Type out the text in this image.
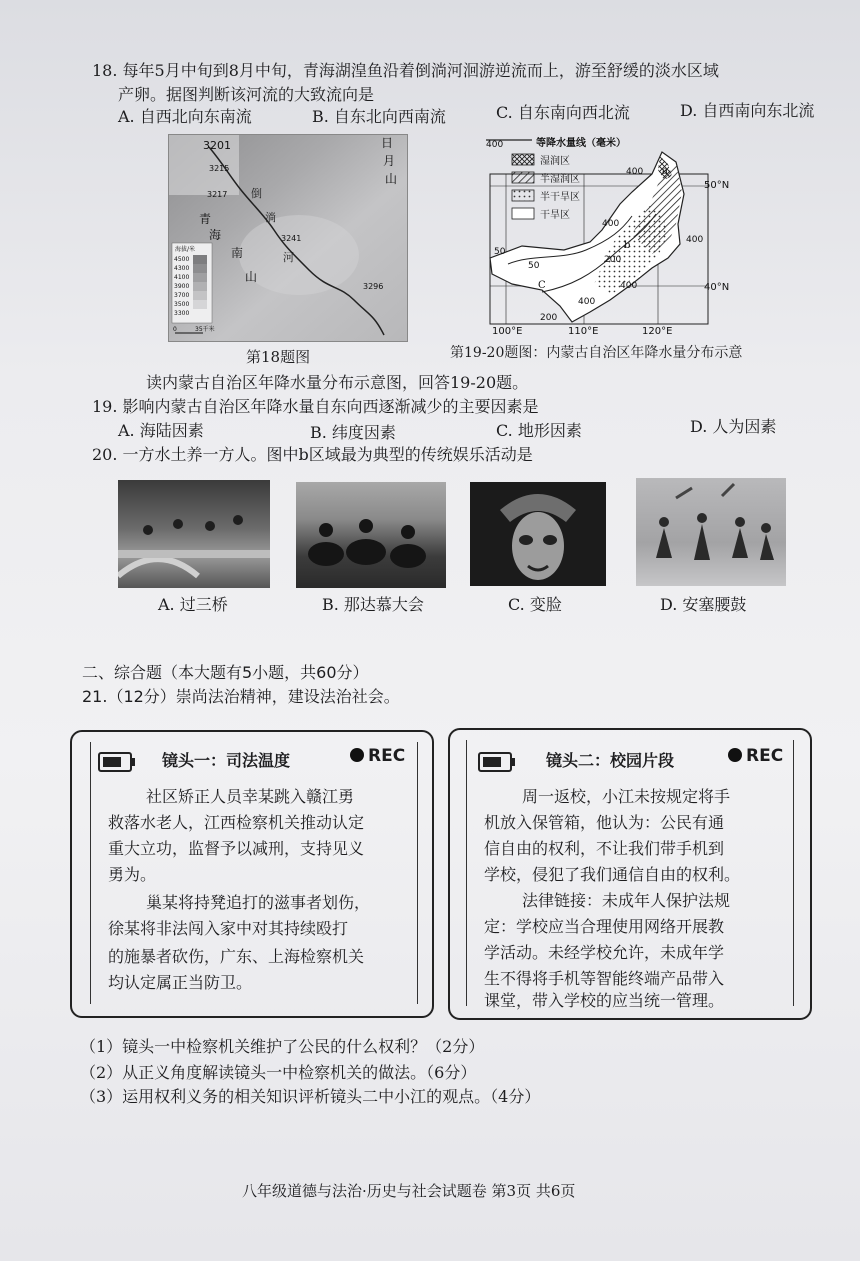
18. 每年5月中旬到8月中旬，青海湖湟鱼沿着倒淌河洄游逆流而上，游至舒缓的淡水区域
产卵。据图判断该河流的大致流向是
A. 自西北向东南流	B. 自东北向西南流	C. 自东南向西北流	D. 自西南向东北流
3201
3215
3217
3241
3296
日
月
山
倒
淌
河
青
海
南
山
海拔/米
4500
4300
4100
3900
3700
3500
3300
0	35千米
第18题图
400	等降水量线（毫米）
湿润区
半湿润区
半干旱区
干旱区
400
400
400
200
50
50
200
400
400
a
b
C
50°N
40°N
100°E	110°E	120°E
第19-20题图：内蒙古自治区年降水量分布示意
读内蒙古自治区年降水量分布示意图，回答19-20题。
19. 影响内蒙古自治区年降水量自东向西逐渐减少的主要因素是
A. 海陆因素	B. 纬度因素	C. 地形因素	D. 人为因素
20. 一方水土养一方人。图中b区域最为典型的传统娱乐活动是
A. 过三桥	B. 那达慕大会	C. 变脸	D. 安塞腰鼓
二、综合题（本大题有5小题，共60分）
21.（12分）崇尚法治精神，建设法治社会。
镜头一：司法温度	REC
社区矫正人员幸某跳入赣江勇
救落水老人，江西检察机关推动认定
重大立功，监督予以减刑，支持见义
勇为。
巢某将持凳追打的滋事者划伤，
徐某将非法闯入家中对其持续殴打
的施暴者砍伤，广东、上海检察机关
均认定属正当防卫。
镜头二：校园片段	REC
周一返校，小江未按规定将手
机放入保管箱，他认为：公民有通
信自由的权利，不让我们带手机到
学校，侵犯了我们通信自由的权利。
法律链接：未成年人保护法规
定：学校应当合理使用网络开展教
学活动。未经学校允许，未成年学
生不得将手机等智能终端产品带入
课堂，带入学校的应当统一管理。
（1）镜头一中检察机关维护了公民的什么权利？（2分）
（2）从正义角度解读镜头一中检察机关的做法。（6分）
（3）运用权利义务的相关知识评析镜头二中小江的观点。（4分）
八年级道德与法治·历史与社会试题卷 第3页 共6页
